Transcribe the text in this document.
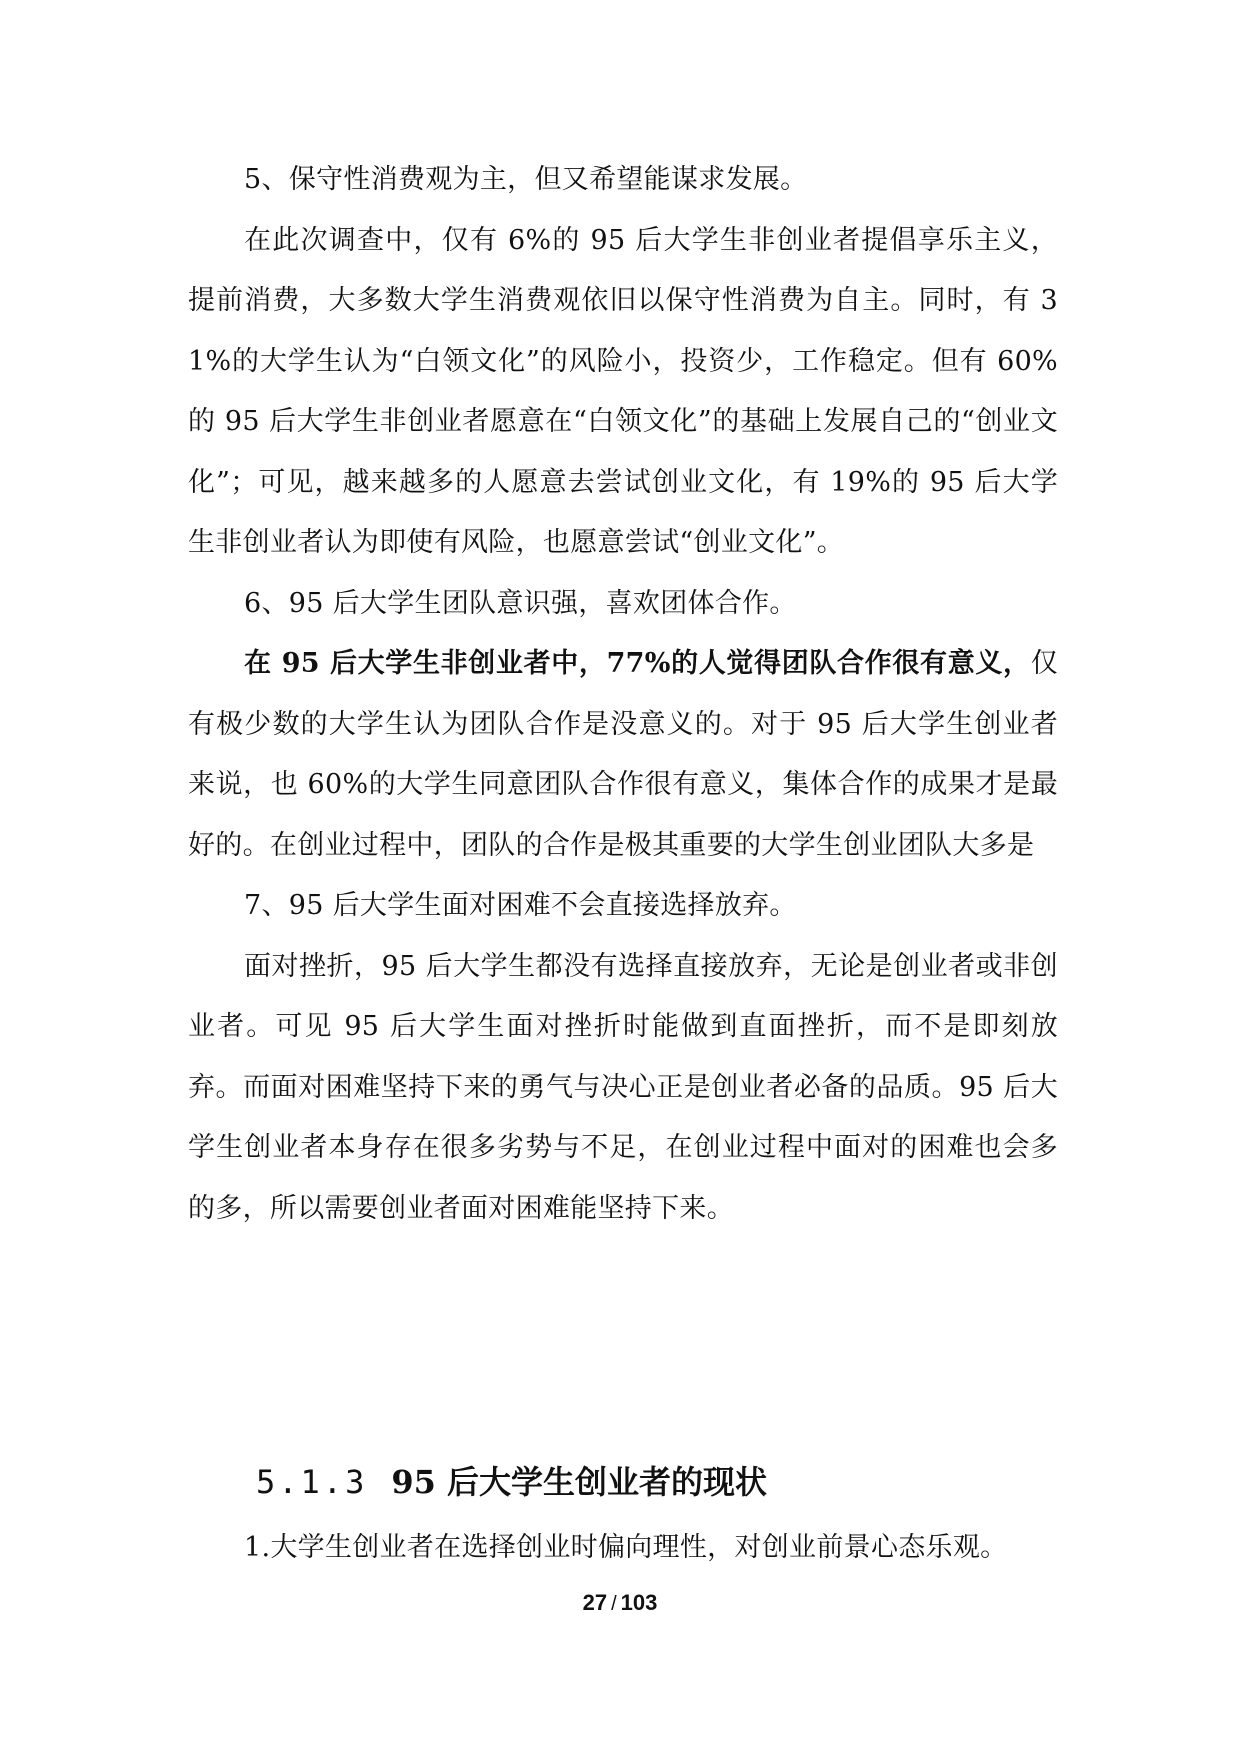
5、保守性消费观为主，但又希望能谋求发展。

在此次调查中，仅有 6%的 95 后大学生非创业者提倡享乐主义，提前消费，大多数大学生消费观依旧以保守性消费为自主。同时，有 31%的大学生认为“白领文化”的风险小，投资少，工作稳定。但有 60%的 95 后大学生非创业者愿意在“白领文化”的基础上发展自己的“创业文化”；可见，越来越多的人愿意去尝试创业文化，有 19%的 95 后大学生非创业者认为即使有风险，也愿意尝试“创业文化”。

6、95 后大学生团队意识强，喜欢团体合作。

在 95 后大学生非创业者中，77%的人觉得团队合作很有意义，仅有极少数的大学生认为团队合作是没意义的。对于 95 后大学生创业者来说，也 60%的大学生同意团队合作很有意义，集体合作的成果才是最好的。在创业过程中，团队的合作是极其重要的大学生创业团队大多是

7、95 后大学生面对困难不会直接选择放弃。

面对挫折，95 后大学生都没有选择直接放弃，无论是创业者或非创业者。可见 95 后大学生面对挫折时能做到直面挫折，而不是即刻放弃。而面对困难坚持下来的勇气与决心正是创业者必备的品质。95 后大学生创业者本身存在很多劣势与不足，在创业过程中面对的困难也会多的多，所以需要创业者面对困难能坚持下来。

5.1.3 95 后大学生创业者的现状
1.大学生创业者在选择创业时偏向理性，对创业前景心态乐观。
27 / 103
